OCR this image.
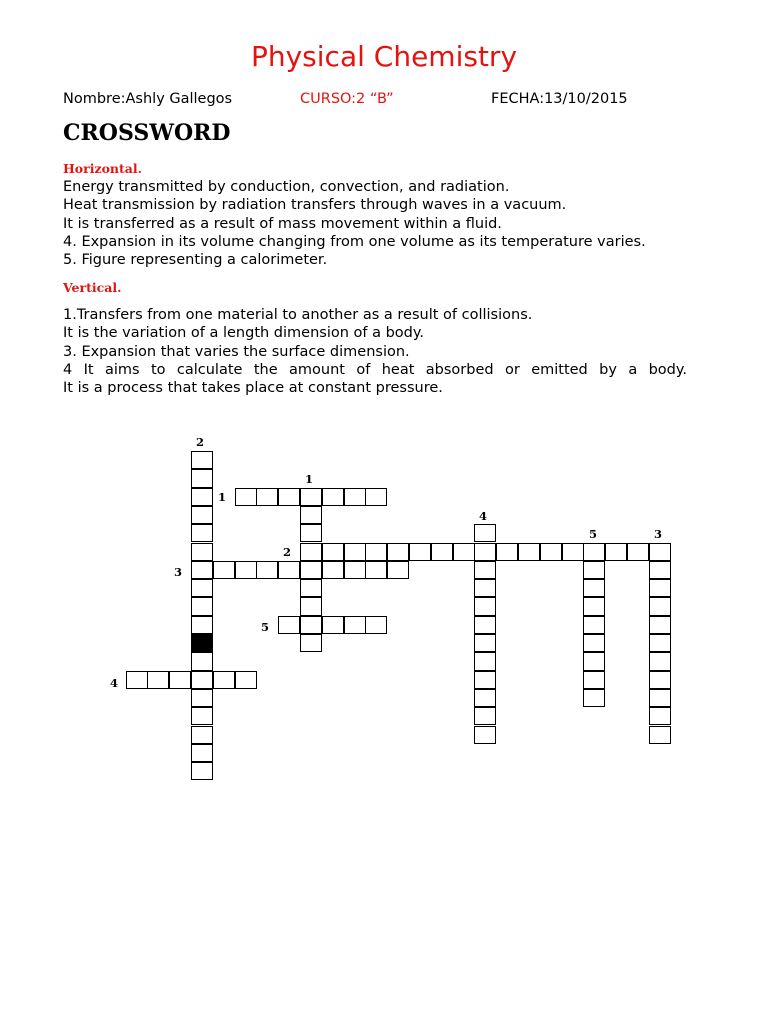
Physical Chemistry
Nombre:Ashly Gallegos	CURSO:2 “B”	FECHA:13/10/2015
CROSSWORD
Horizontal.
Energy transmitted by conduction, convection, and radiation.
Heat transmission by radiation transfers through waves in a vacuum.
It is transferred as a result of mass movement within a fluid.
4. Expansion in its volume changing from one volume as its temperature varies.
5. Figure representing a calorimeter.
Vertical.
1.Transfers from one material to another as a result of collisions.
It is the variation of a length dimension of a body.
3. Expansion that varies the surface dimension.
4 It aims to calculate the amount of heat absorbed or emitted by a body.
It is a process that takes place at constant pressure.
1
2
3
5
4
2
1
4
5	3
